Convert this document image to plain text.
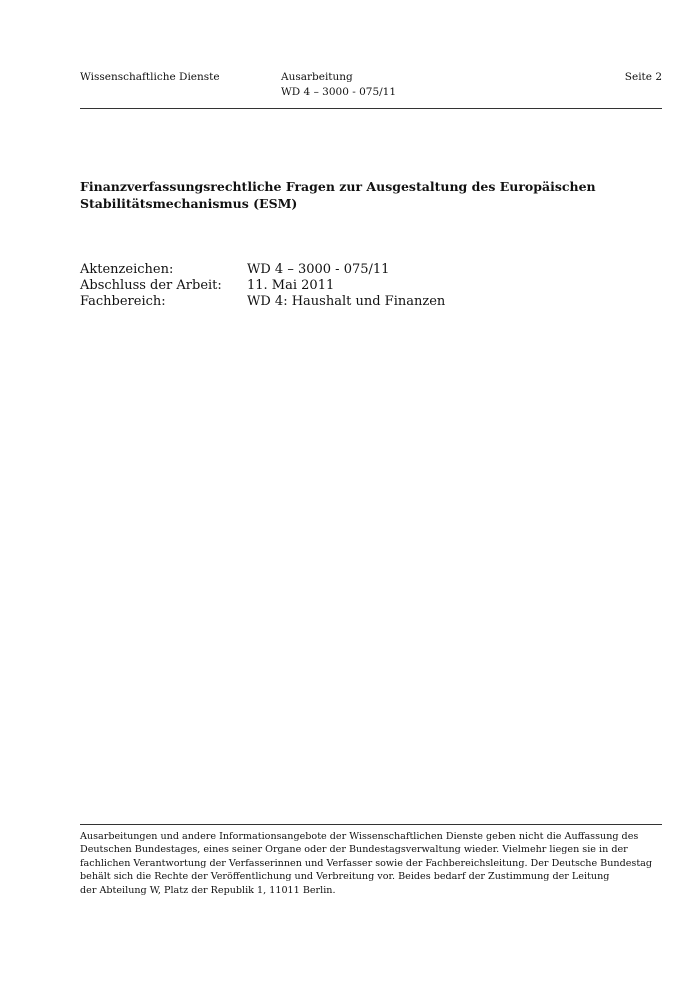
Wissenschaftliche Dienste	Ausarbeitung
WD 4 – 3000 - 075/11
Seite 2
Finanzverfassungsrechtliche Fragen zur Ausgestaltung des Europäischen
Stabilitätsmechanismus (ESM)
Aktenzeichen:	WD 4 – 3000 - 075/11
Abschluss der Arbeit: 11. Mai 2011
Fachbereich:	WD 4: Haushalt und Finanzen
Ausarbeitungen und andere Informationsangebote der Wissenschaftlichen Dienste geben nicht die Auffassung des
Deutschen Bundestages, eines seiner Organe oder der Bundestagsverwaltung wieder. Vielmehr liegen sie in der
fachlichen Verantwortung der Verfasserinnen und Verfasser sowie der Fachbereichsleitung. Der Deutsche Bundestag
behält sich die Rechte der Veröffentlichung und Verbreitung vor. Beides bedarf der Zustimmung der Leitung
der Abteilung W, Platz der Republik 1, 11011 Berlin.
